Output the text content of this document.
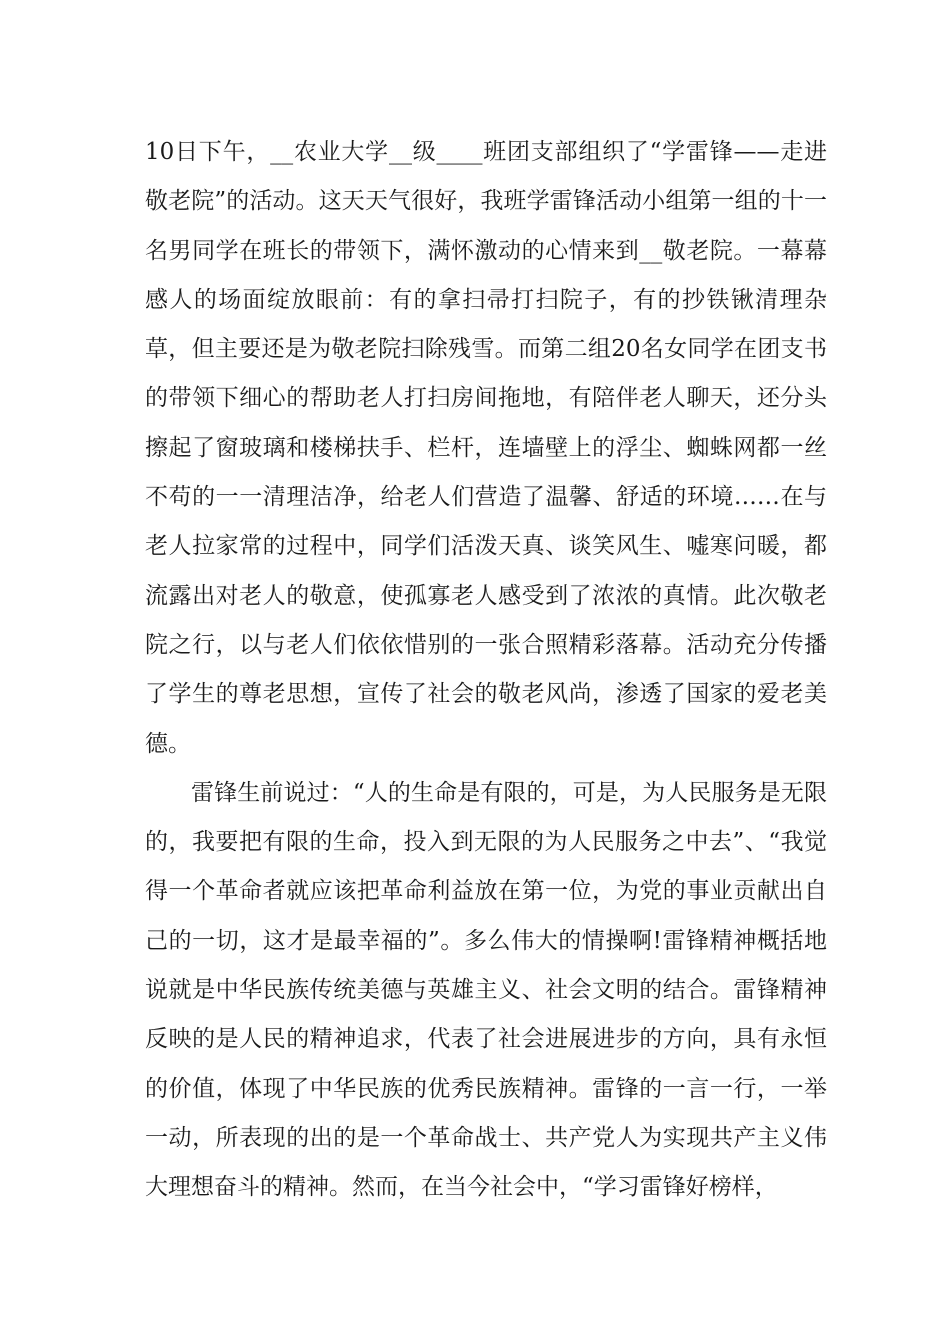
10日下午，__农业大学__级____班团支部组织了“学雷锋——走进敬老院”的活动。这天天气很好，我班学雷锋活动小组第一组的十一名男同学在班长的带领下，满怀激动的心情来到__敬老院。一幕幕感人的场面绽放眼前：有的拿扫帚打扫院子，有的抄铁锹清理杂草，但主要还是为敬老院扫除残雪。而第二组20名女同学在团支书的带领下细心的帮助老人打扫房间拖地，有陪伴老人聊天，还分头擦起了窗玻璃和楼梯扶手、栏杆，连墙壁上的浮尘、蜘蛛网都一丝不苟的一一清理洁净，给老人们营造了温馨、舒适的环境……在与老人拉家常的过程中，同学们活泼天真、谈笑风生、嘘寒问暖，都流露出对老人的敬意，使孤寡老人感受到了浓浓的真情。此次敬老院之行，以与老人们依依惜别的一张合照精彩落幕。活动充分传播了学生的尊老思想，宣传了社会的敬老风尚，渗透了国家的爱老美德。

雷锋生前说过：“人的生命是有限的，可是，为人民服务是无限的，我要把有限的生命，投入到无限的为人民服务之中去”、“我觉得一个革命者就应该把革命利益放在第一位，为党的事业贡献出自己的一切，这才是最幸福的”。多么伟大的情操啊!雷锋精神概括地说就是中华民族传统美德与英雄主义、社会文明的结合。雷锋精神反映的是人民的精神追求，代表了社会进展进步的方向，具有永恒的价值，体现了中华民族的优秀民族精神。雷锋的一言一行，一举一动，所表现的出的是一个革命战士、共产党人为实现共产主义伟大理想奋斗的精神。然而，在当今社会中，“学习雷锋好榜样，
